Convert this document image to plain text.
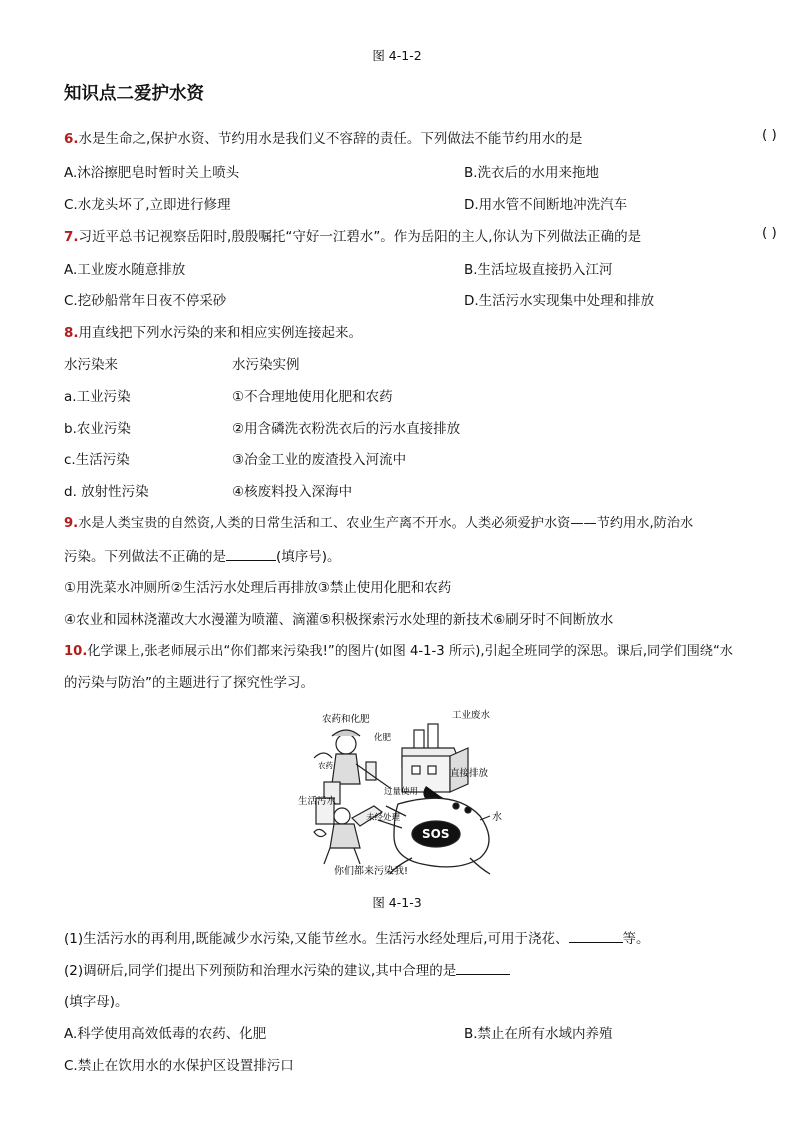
图 4-1-2
知识点二爱护水资
6.水是生命之,保护水资、节约用水是我们义不容辞的责任。下列做法不能节约用水的是	( )
A.沐浴擦肥皂时暂时关上喷头	B.洗衣后的水用来拖地
C.水龙头坏了,立即进行修理	D.用水管不间断地冲洗汽车
7.习近平总书记视察岳阳时,殷殷嘱托“守好一江碧水”。作为岳阳的主人,你认为下列做法正确的是	( )
A.工业废水随意排放	B.生活垃圾直接扔入江河
C.挖砂船常年日夜不停采砂	D.生活污水实现集中处理和排放
8.用直线把下列水污染的来和相应实例连接起来。
水污染来	水污染实例
a.工业污染	①不合理地使用化肥和农药
b.农业污染	②用含磷洗衣粉洗衣后的污水直接排放
c.生活污染	③冶金工业的废渣投入河流中
d. 放射性污染	④核废料投入深海中
9.水是人类宝贵的自然资,人类的日常生活和工、农业生产离不开水。人类必须爱护水资——节约用水,防治水
污染。下列做法不正确的是	(填序号)。
①用洗菜水冲厕所②生活污水处理后再排放③禁止使用化肥和农药
④农业和园林浇灌改大水漫灌为喷灌、滴灌⑤积极探索污水处理的新技术⑥刷牙时不间断放水
10.化学课上,张老师展示出“你们都来污染我!”的图片(如图 4-1-3 所示),引起全班同学的深思。课后,同学们围绕“水
的污染与防治”的主题进行了探究性学习。
农药和化肥
化肥
农药
工业废水
直接排放
过量使用
生活污水
未经处理
SOS
水
你们都来污染我!
图 4-1-3
(1)生活污水的再利用,既能减少水污染,又能节丝水。生活污水经处理后,可用于浇花、	等。
(2)调研后,同学们提出下列预防和治理水污染的建议,其中合理的是
(填字母)。
A.科学使用高效低毒的农药、化肥	B.禁止在所有水域内养殖
C.禁止在饮用水的水保护区设置排污口
